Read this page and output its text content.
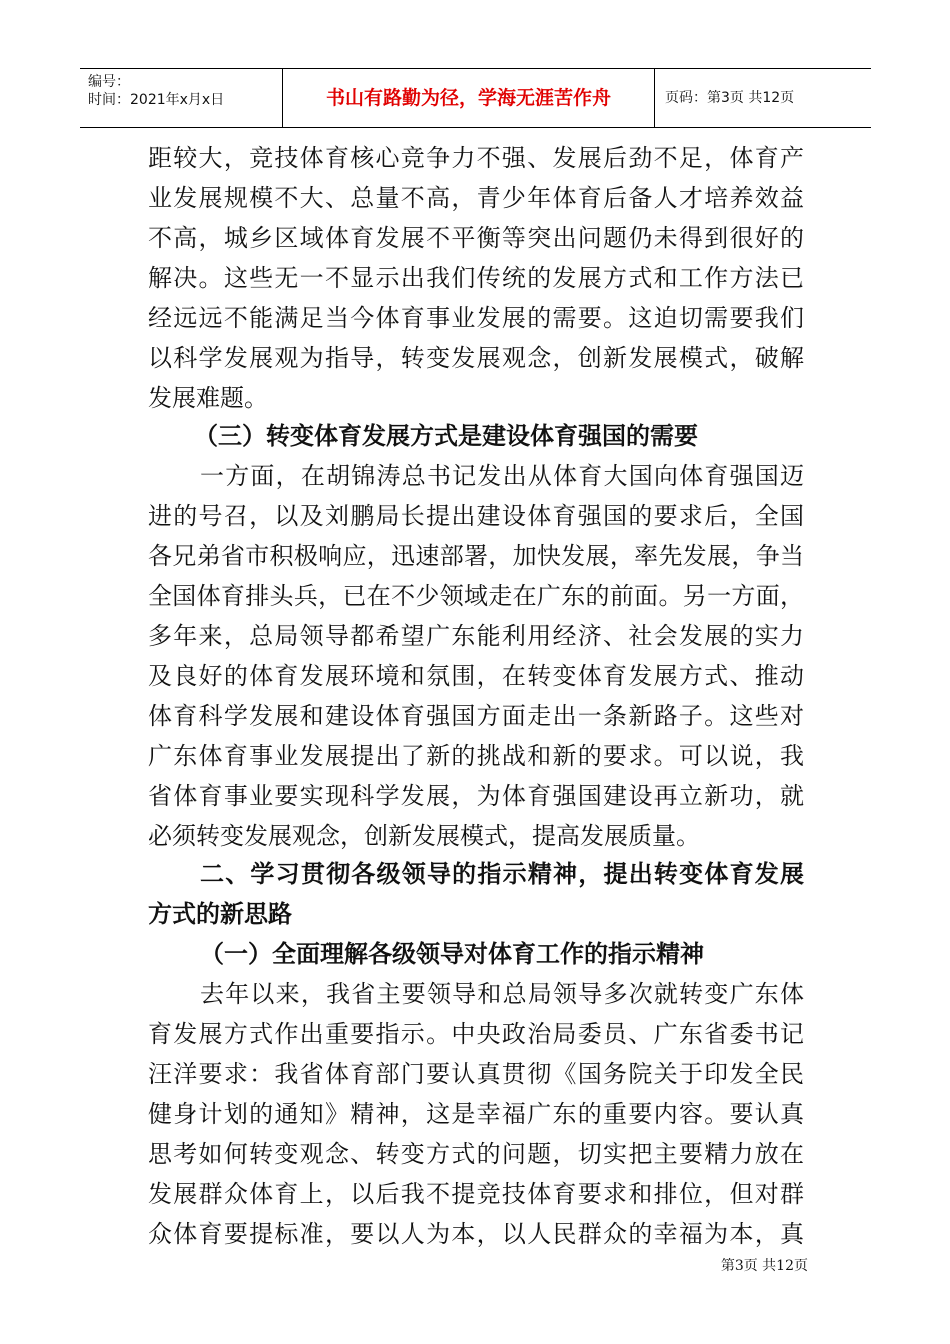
编号：
时间：2021年x月x日	书山有路勤为径，学海无涯苦作舟	页码：第3页 共12页
距较大，竞技体育核心竞争力不强、发展后劲不足，体育产
业发展规模不大、总量不高，青少年体育后备人才培养效益
不高，城乡区域体育发展不平衡等突出问题仍未得到很好的
解决。这些无一不显示出我们传统的发展方式和工作方法已
经远远不能满足当今体育事业发展的需要。这迫切需要我们
以科学发展观为指导，转变发展观念，创新发展模式，破解
发展难题。
（三）转变体育发展方式是建设体育强国的需要
一方面，在胡锦涛总书记发出从体育大国向体育强国迈
进的号召，以及刘鹏局长提出建设体育强国的要求后，全国
各兄弟省市积极响应，迅速部署，加快发展，率先发展，争当
全国体育排头兵，已在不少领域走在广东的前面。另一方面，
多年来，总局领导都希望广东能利用经济、社会发展的实力
及良好的体育发展环境和氛围，在转变体育发展方式、推动
体育科学发展和建设体育强国方面走出一条新路子。这些对
广东体育事业发展提出了新的挑战和新的要求。可以说，我
省体育事业要实现科学发展，为体育强国建设再立新功，就
必须转变发展观念，创新发展模式，提高发展质量。
二、学习贯彻各级领导的指示精神，提出转变体育发展
方式的新思路
（一）全面理解各级领导对体育工作的指示精神
去年以来，我省主要领导和总局领导多次就转变广东体
育发展方式作出重要指示。中央政治局委员、广东省委书记
汪洋要求：我省体育部门要认真贯彻《国务院关于印发全民
健身计划的通知》精神，这是幸福广东的重要内容。要认真
思考如何转变观念、转变方式的问题，切实把主要精力放在
发展群众体育上，以后我不提竞技体育要求和排位，但对群
众体育要提标准，要以人为本，以人民群众的幸福为本，真
第3页 共12页
